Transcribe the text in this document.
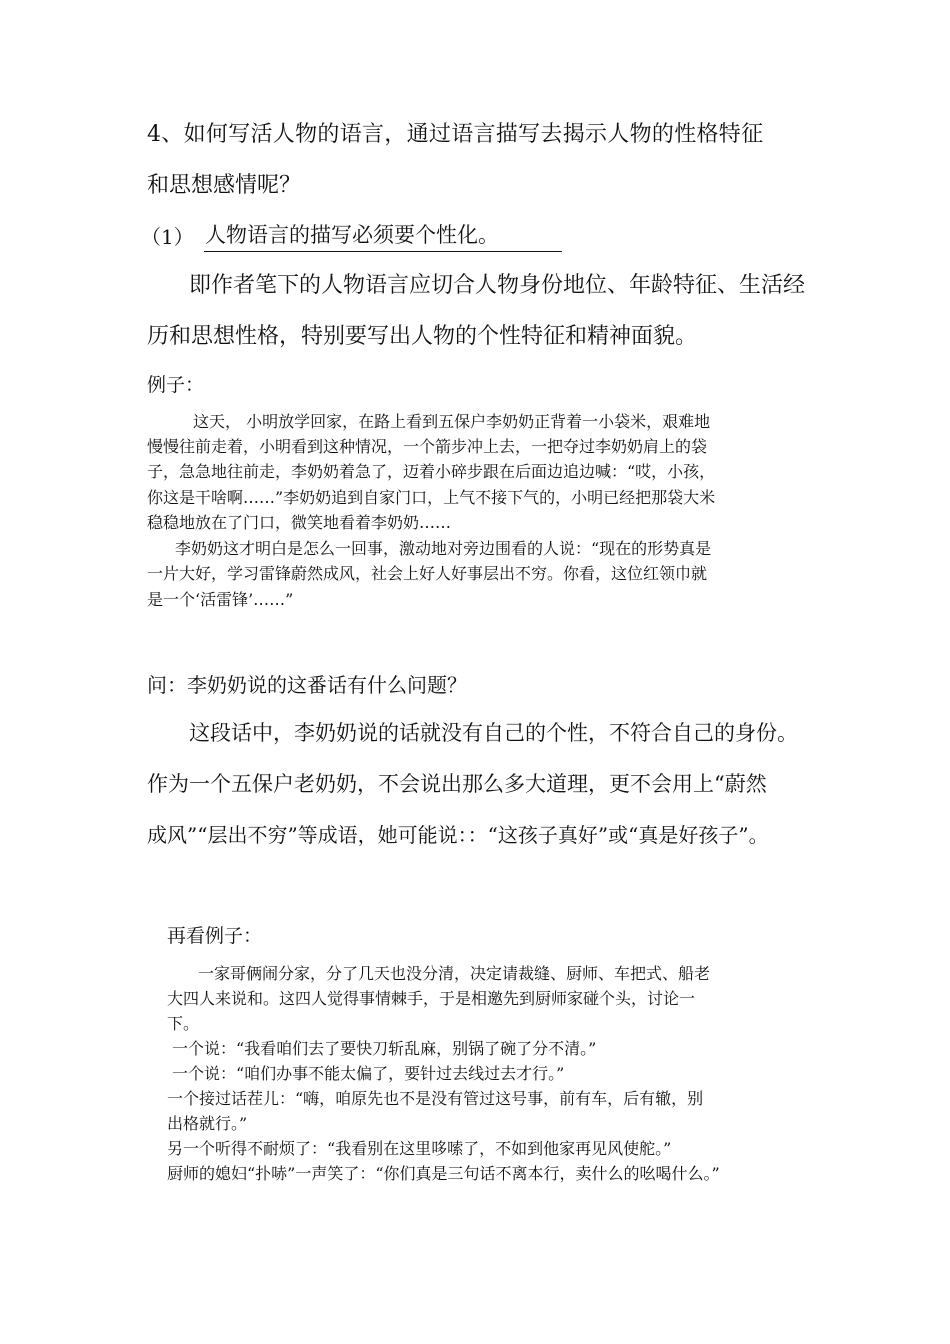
4、如何写活人物的语言，通过语言描写去揭示人物的性格特征
和思想感情呢？
（1） 人物语言的描写必须要个性化。
即作者笔下的人物语言应切合人物身份地位、年龄特征、生活经
历和思想性格，特别要写出人物的个性特征和精神面貌。
例子：
这天， 小明放学回家，在路上看到五保户李奶奶正背着一小袋米，艰难地
慢慢往前走着，小明看到这种情况，一个箭步冲上去，一把夺过李奶奶肩上的袋
子，急急地往前走，李奶奶着急了，迈着小碎步跟在后面边追边喊：“哎，小孩，
你这是干啥啊……”李奶奶追到自家门口，上气不接下气的，小明已经把那袋大米
稳稳地放在了门口，微笑地看着李奶奶……
李奶奶这才明白是怎么一回事，激动地对旁边围看的人说：“现在的形势真是
一片大好，学习雷锋蔚然成风，社会上好人好事层出不穷。你看，这位红领巾就
是一个‘活雷锋’……”
问：李奶奶说的这番话有什么问题？
这段话中，李奶奶说的话就没有自己的个性，不符合自己的身份。
作为一个五保户老奶奶，不会说出那么多大道理，更不会用上“蔚然
成风”“层出不穷”等成语，她可能说：：“这孩子真好”或“真是好孩子”。
再看例子：
一家哥俩闹分家，分了几天也没分清，决定请裁缝、厨师、车把式、船老
大四人来说和。这四人觉得事情棘手，于是相邀先到厨师家碰个头，讨论一
下。
一个说：“我看咱们去了要快刀斩乱麻，别锅了碗了分不清。”
一个说：“咱们办事不能太偏了，要针过去线过去才行。”
一个接过话茬儿：“嗨，咱原先也不是没有管过这号事，前有车，后有辙，别
出格就行。”
另一个听得不耐烦了：“我看别在这里哆嗦了，不如到他家再见风使舵。”
厨师的媳妇“扑哧”一声笑了：“你们真是三句话不离本行，卖什么的吆喝什么。”
